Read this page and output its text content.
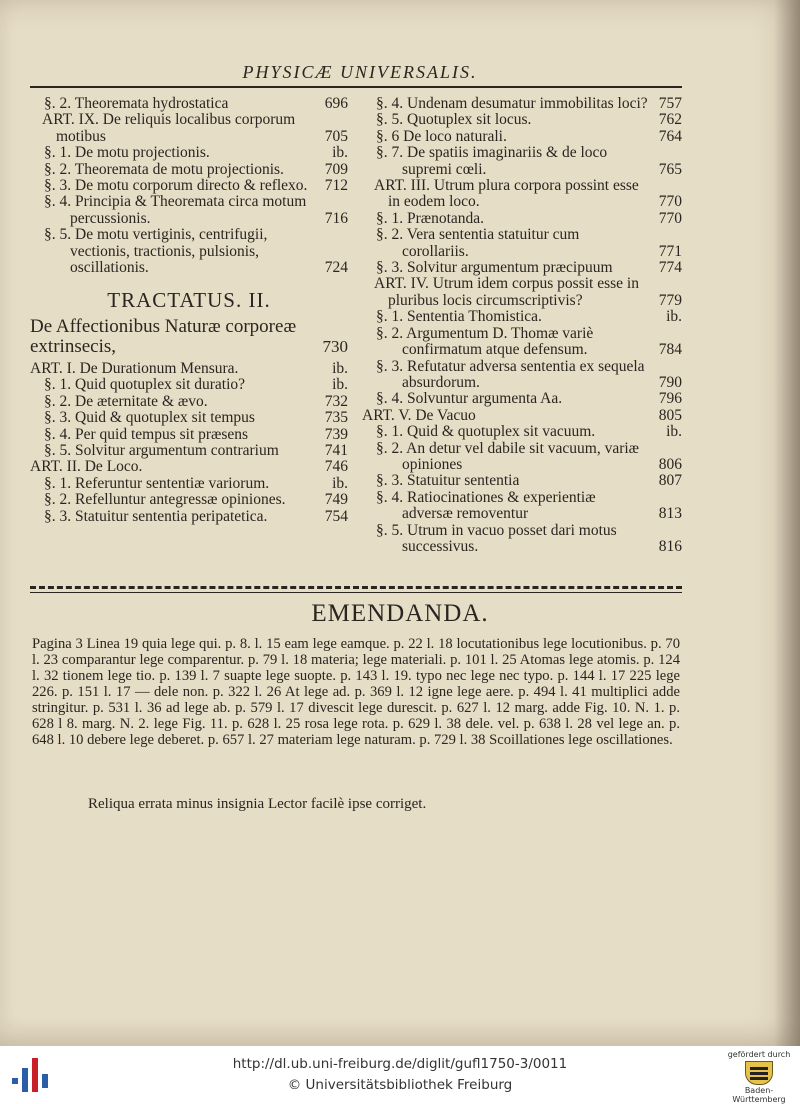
PHYSICÆ UNIVERSALIS.
§. 2. Theoremata hydrostatica	696
ART. IX. De reliquis localibus corporum motibus	705
§. 1. De motu projectionis.	ib.
§. 2. Theoremata de motu projectionis.	709
§. 3. De motu corporum directo & reflexo.	712
§. 4. Principia & Theoremata circa motum percussionis.	716
§. 5. De motu vertiginis, centrifugii, vectionis, tractionis, pulsionis, oscillationis.	724
TRACTATUS. II.
De Affectionibus Naturæ corporeæ extrinsecis,	730
ART. I. De Durationum Mensura.	ib.
§. 1. Quid quotuplex sit duratio?	ib.
§. 2. De æternitate & ævo.	732
§. 3. Quid & quotuplex sit tempus	735
§. 4. Per quid tempus sit præsens	739
§. 5. Solvitur argumentum contrarium	741
ART. II. De Loco.	746
§. 1. Referuntur sententiæ variorum.	ib.
§. 2. Refelluntur antegressæ opiniones.	749
§. 3. Statuitur sententia peripatetica.	754
§. 4. Undenam desumatur immobilitas loci? 757
§. 5. Quotuplex sit locus.	762
§. 6 De loco naturali.	764
§. 7. De spatiis imaginariis & de loco supremi cœli.	765
ART. III. Utrum plura corpora possint esse in eodem loco.	770
§. 1. Prænotanda.	770
§. 2. Vera sententia statuitur cum corollariis.	771
§. 3. Solvitur argumentum præcipuum	774
ART. IV. Utrum idem corpus possit esse in pluribus locis circumscriptivis?	779
§. 1. Sententia Thomistica.	ib.
§. 2. Argumentum D. Thomæ variè confirmatum atque defensum.	784
§. 3. Refutatur adversa sententia ex sequela absurdorum.	790
§. 4. Solvuntur argumenta Aa.	796
ART. V. De Vacuo	805
§. 1. Quid & quotuplex sit vacuum.	ib.
§. 2. An detur vel dabile sit vacuum, variæ opiniones	806
§. 3. Statuitur sententia	807
§. 4. Ratiocinationes & experientiæ adversæ removentur	813
§. 5. Utrum in vacuo posset dari motus successivus.	816
EMENDANDA.
Pagina 3 Linea 19 quia lege qui. p. 8. l. 15 eam lege eamque. p. 22 l. 18 locutationibus lege locutionibus. p. 70 l. 23 comparantur lege comparentur. p. 79 l. 18 materia; lege materiali. p. 101 l. 25 Atomas lege atomis. p. 124 l. 32 tionem lege tio. p. 139 l. 7 suapte lege suopte. p. 143 l. 19. typo nec lege nec typo. p. 144 l. 17 225 lege 226. p. 151 l. 17 — dele non. p. 322 l. 26 At lege ad. p. 369 l. 12 igne lege aere. p. 494 l. 41 multiplici adde stringitur. p. 531 l. 36 ad lege ab. p. 579 l. 17 divescit lege durescit. p. 627 l. 12 marg. adde Fig. 10. N. 1. p. 628 l 8. marg. N. 2. lege Fig. 11. p. 628 l. 25 rosa lege rota. p. 629 l. 38 dele. vel. p. 638 l. 28 vel lege an. p. 648 l. 10 debere lege deberet. p. 657 l. 27 materiam lege naturam. p. 729 l. 38 Scoillationes lege oscillationes.
Reliqua errata minus insignia Lector facilè ipse corriget.
http://dl.ub.uni-freiburg.de/diglit/gufl1750-3/0011
© Universitätsbibliothek Freiburg
gefördert durch
Baden-Württemberg
